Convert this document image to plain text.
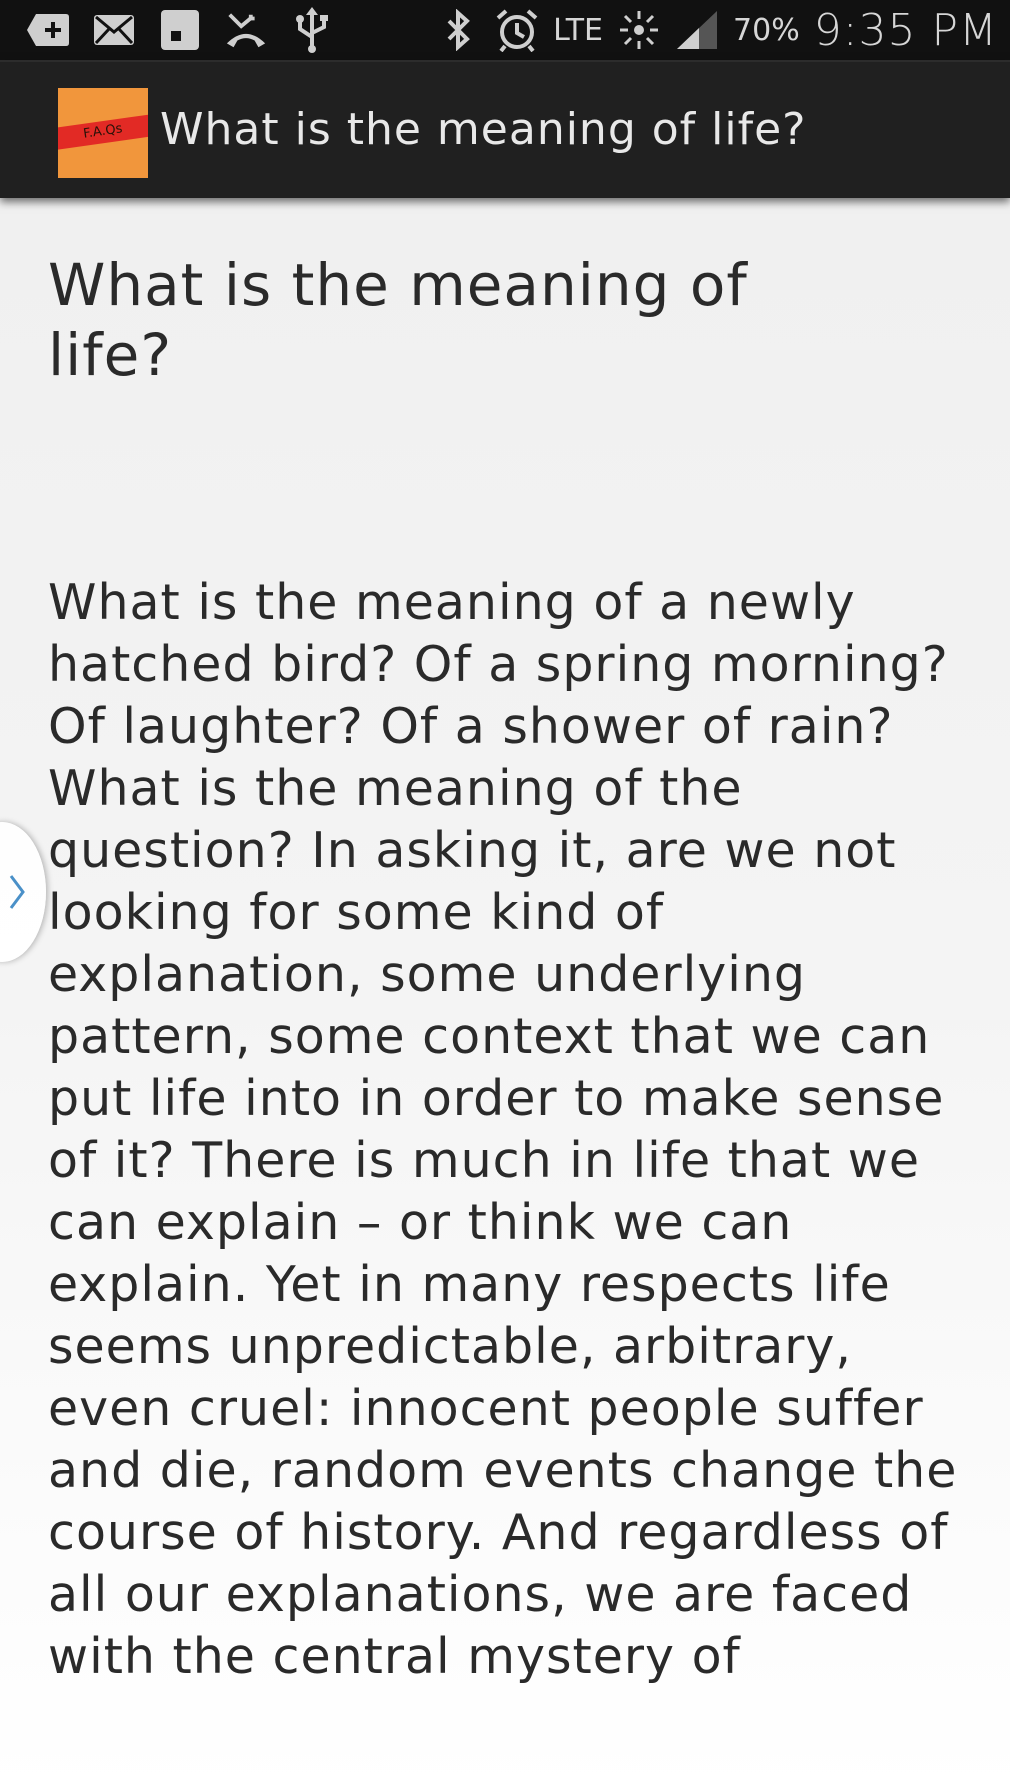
LTE	70% 9:35 PM
F.A.Qs What is the meaning of life?
What is the meaning of life?

What is the meaning of a newly hatched bird? Of a spring morning? Of laughter? Of a shower of rain? What is the meaning of the question? In asking it, are we not looking for some kind of explanation, some underlying pattern, some context that we can put life into in order to make sense of it? There is much in life that we can explain – or think we can explain. Yet in many respects life seems unpredictable, arbitrary, even cruel: innocent people suffer and die, random events change the course of history. And regardless of all our explanations, we are faced with the central mystery of
